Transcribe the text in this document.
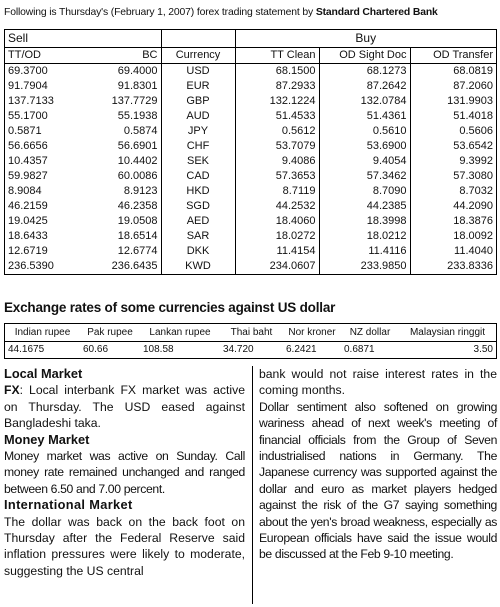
Following is Thursday's (February 1, 2007) forex trading statement by Standard Chartered Bank
Sell			Buy		
TT/OD	BC	Currency	TT Clean	OD Sight Doc	OD Transfer
69.3700	69.4000	USD	68.1500	68.1273	68.0819
91.7904	91.8301	EUR	87.2933	87.2642	87.2060
137.7133	137.7729	GBP	132.1224	132.0784	131.9903
55.1700	55.1938	AUD	51.4533	51.4361	51.4018
0.5871	0.5874	JPY	0.5612	0.5610	0.5606
56.6656	56.6901	CHF	53.7079	53.6900	53.6542
10.4357	10.4402	SEK	9.4086	9.4054	9.3992
59.9827	60.0086	CAD	57.3653	57.3462	57.3080
8.9084	8.9123	HKD	8.7119	8.7090	8.7032
46.2159	46.2358	SGD	44.2532	44.2385	44.2090
19.0425	19.0508	AED	18.4060	18.3998	18.3876
18.6433	18.6514	SAR	18.0272	18.0212	18.0092
12.6719	12.6774	DKK	11.4154	11.4116	11.4040
236.5390	236.6435	KWD	234.0607	233.9850	233.8336
Exchange rates of some currencies against US dollar
Indian rupee	Pak rupee	Lankan rupee	Thai baht	Nor kroner	NZ dollar	Malaysian ringgit
44.1675	60.66	108.58	34.720	6.2421	0.6871	3.50
Local Market

FX: Local interbank FX market was active on Thursday. The USD eased against Bangladeshi taka.

Money Market

Money market was active on Sunday. Call money rate remained unchanged and ranged between 6.50 and 7.00 percent.

International Market

The dollar was back on the back foot on Thursday after the Federal Reserve said inflation pressures were likely to moderate, suggesting the US central

bank would not raise interest rates in the coming months.

Dollar sentiment also softened on growing wariness ahead of next week's meeting of financial officials from the Group of Seven industrialised nations in Germany. The Japanese currency was supported against the dollar and euro as market players hedged against the risk of the G7 saying something about the yen's broad weakness, especially as European officials have said the issue would be discussed at the Feb 9-10 meeting.
